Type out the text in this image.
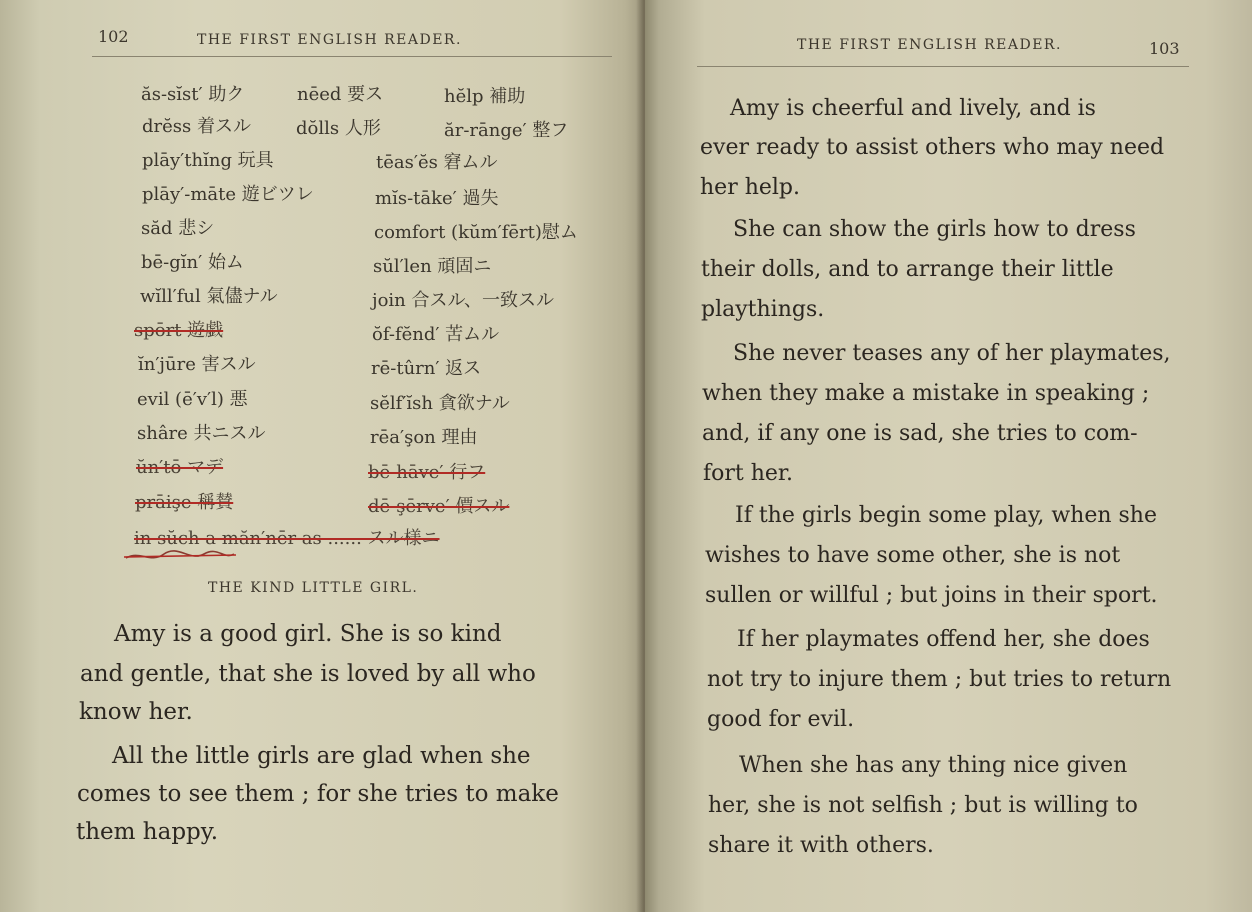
102	THE FIRST ENGLISH READER.
ăs-sĭst′ 助ク	nēed 要ス	hĕlp 補助
drĕss 着スル	dŏlls 人形	ăr-rānge′ 整フ
plāy′thĭng 玩具	tēas′ĕs 窘ムル
plāy′-māte 遊ビツレ	mĭs-tāke′ 過失
săd 悲シ	comfort (kŭm′fērt)慰ム
bē-gĭn′ 始ム	sŭl′len 頑固ニ
wĭll′ful 氣儘ナル	join 合スル、一致スル
spōrt 遊戯	ŏf-fĕnd′ 苦ムル
ĭn′jūre 害スル	rē-tûrn′ 返ス
evil (ē′v′l) 悪	sĕlf′ĭsh 貪欲ナル
shâre 共ニスル	rēa′şon 理由
ŭn′tō マデ	bē-hāve′ 行フ
prāişe 稱賛	dē-şērve′ 價スル
in sŭch a măn′nēr as ...... スル様ニ
THE KIND LITTLE GIRL.
Amy is a good girl. She is so kind
and gentle, that she is loved by all who
know her.
All the little girls are glad when she
comes to see them ; for she tries to make
them happy.
THE FIRST ENGLISH READER.	103
Amy is cheerful and lively, and is
ever ready to assist others who may need
her help.
She can show the girls how to dress
their dolls, and to arrange their little
playthings.
She never teases any of her playmates,
when they make a mistake in speaking ;
and, if any one is sad, she tries to com-
fort her.
If the girls begin some play, when she
wishes to have some other, she is not
sullen or willful ; but joins in their sport.
If her playmates offend her, she does
not try to injure them ; but tries to return
good for evil.
When she has any thing nice given
her, she is not selfish ; but is willing to
share it with others.
